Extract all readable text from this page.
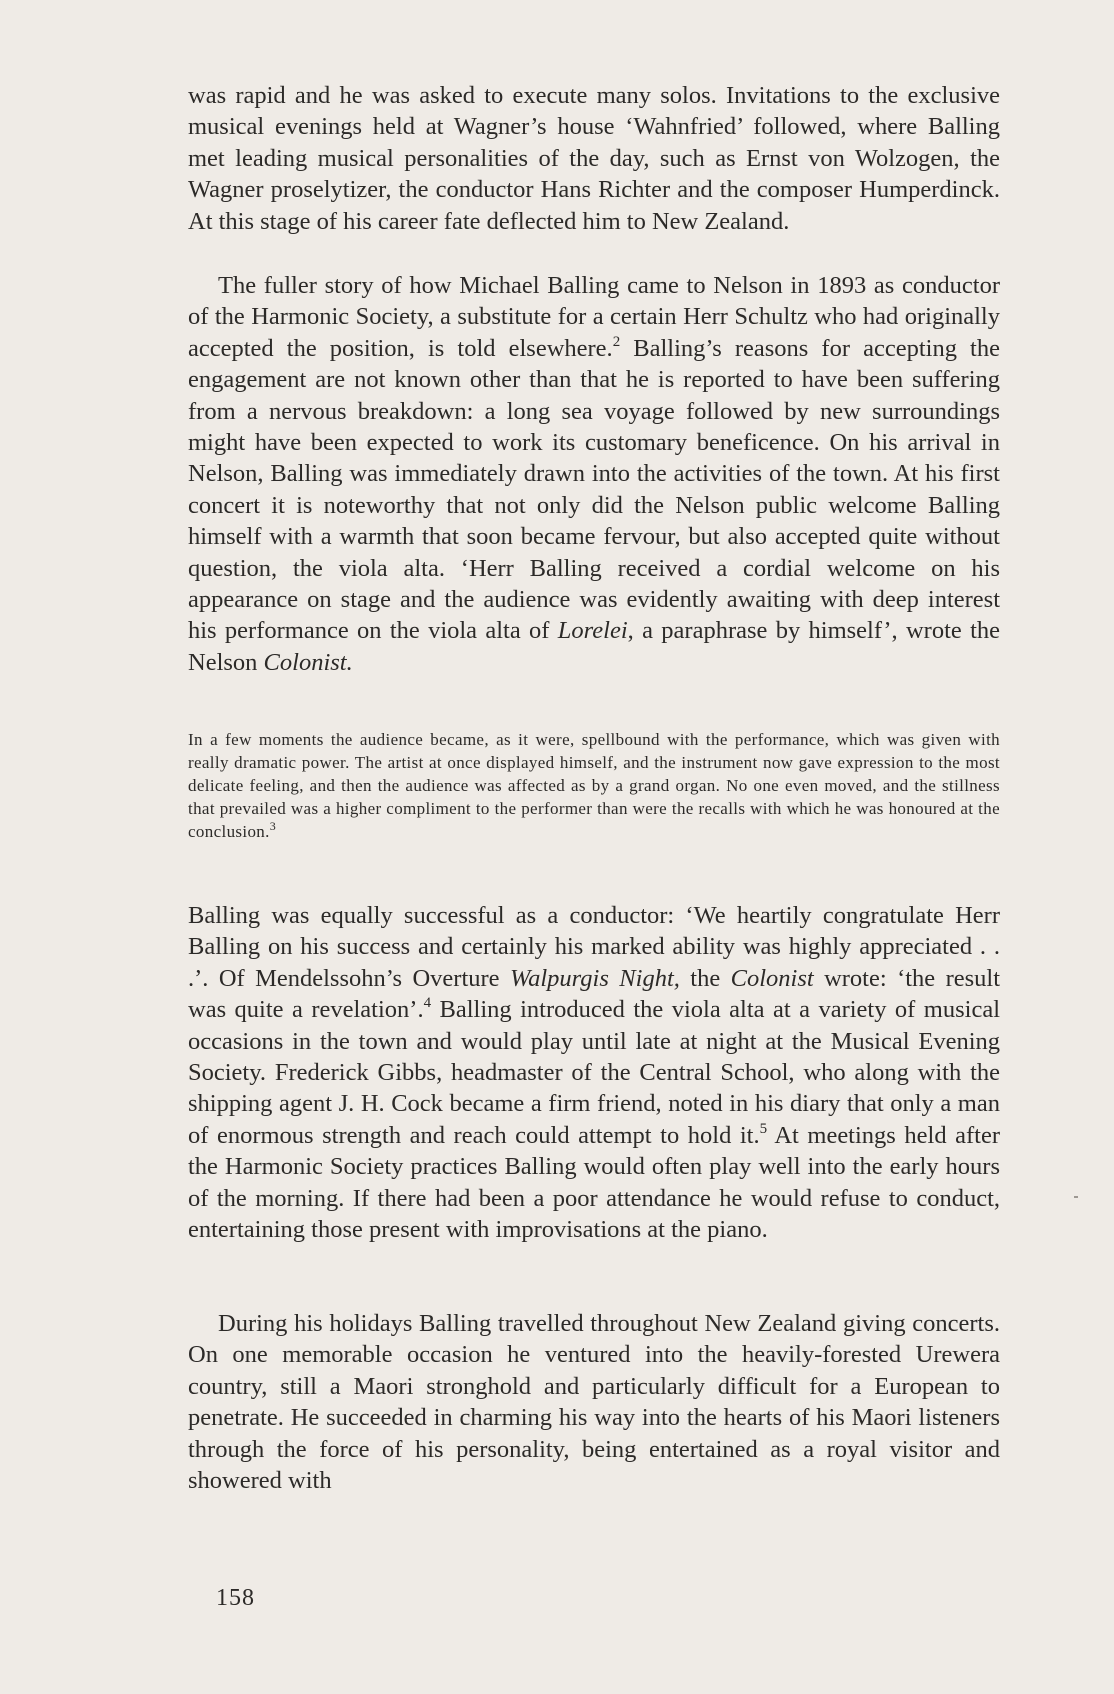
was rapid and he was asked to execute many solos. Invitations to the exclusive musical evenings held at Wagner’s house ‘Wahnfried’ followed, where Balling met leading musical personalities of the day, such as Ernst von Wolzogen, the Wagner proselytizer, the conductor Hans Richter and the composer Humperdinck. At this stage of his career fate deflected him to New Zealand.

The fuller story of how Michael Balling came to Nelson in 1893 as conductor of the Harmonic Society, a substitute for a certain Herr Schultz who had originally accepted the position, is told elsewhere.$^2$ Balling’s reasons for accepting the engagement are not known other than that he is reported to have been suffering from a nervous breakdown: a long sea voyage followed by new surroundings might have been expected to work its customary beneficence. On his arrival in Nelson, Balling was immediately drawn into the activities of the town. At his first concert it is noteworthy that not only did the Nelson public welcome Balling himself with a warmth that soon became fervour, but also accepted quite without question, the viola alta. ‘Herr Balling received a cordial welcome on his appearance on stage and the audience was evidently awaiting with deep interest his performance on the viola alta of Lorelei, a paraphrase by himself’, wrote the Nelson Colonist.

In a few moments the audience became, as it were, spellbound with the performance, which was given with really dramatic power. The artist at once displayed himself, and the instrument now gave expression to the most delicate feeling, and then the audience was affected as by a grand organ. No one even moved, and the stillness that prevailed was a higher compliment to the performer than were the recalls with which he was honoured at the conclusion.$^3$

Balling was equally successful as a conductor: ‘We heartily congratulate Herr Balling on his success and certainly his marked ability was highly appreciated . . .’. Of Mendelssohn’s Overture Walpurgis Night, the Colonist wrote: ‘the result was quite a revelation’.$^4$ Balling introduced the viola alta at a variety of musical occasions in the town and would play until late at night at the Musical Evening Society. Frederick Gibbs, headmaster of the Central School, who along with the shipping agent J. H. Cock became a firm friend, noted in his diary that only a man of enormous strength and reach could attempt to hold it.$^5$ At meetings held after the Harmonic Society practices Balling would often play well into the early hours of the morning. If there had been a poor attendance he would refuse to conduct, entertaining those present with improvisations at the piano.

During his holidays Balling travelled throughout New Zealand giving concerts. On one memorable occasion he ventured into the heavily-forested Urewera country, still a Maori stronghold and particularly difficult for a European to penetrate. He succeeded in charming his way into the hearts of his Maori listeners through the force of his personality, being entertained as a royal visitor and showered with

158
